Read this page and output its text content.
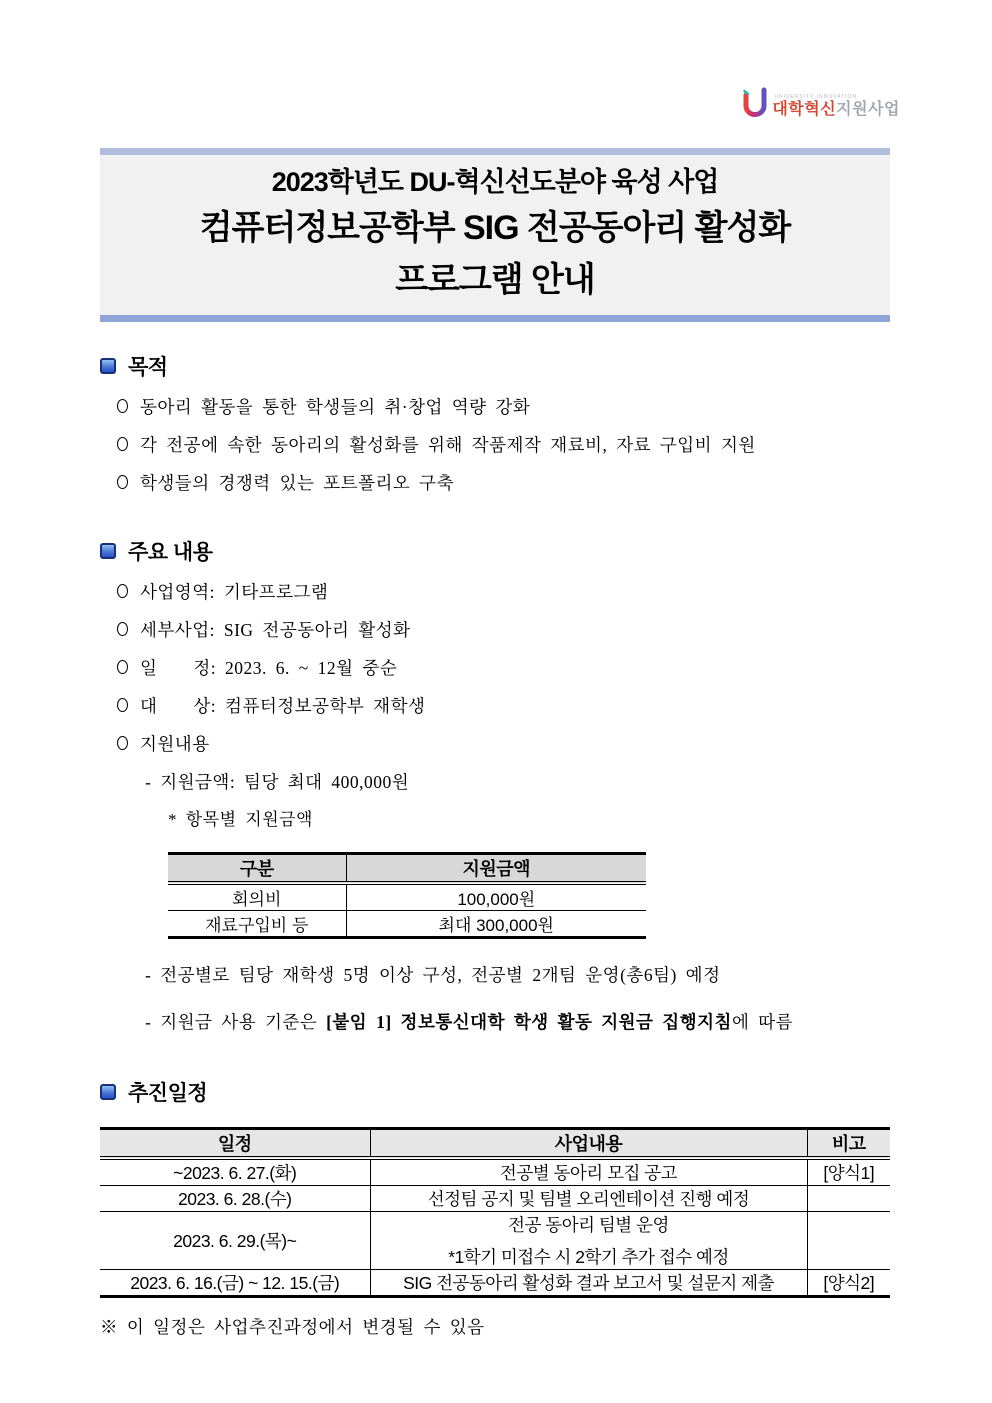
UNIVERSITY INNOVATION
대학혁신지원사업
2023학년도 DU-혁신선도분야 육성 사업
컴퓨터정보공학부 SIG 전공동아리 활성화
프로그램 안내
목적
동아리 활동을 통한 학생들의 취·창업 역량 강화
각 전공에 속한 동아리의 활성화를 위해 작품제작 재료비, 자료 구입비 지원
학생들의 경쟁력 있는 포트폴리오 구축
주요 내용
사업영역: 기타프로그램
세부사업: SIG 전공동아리 활성화
일　　정: 2023. 6. ~ 12월 중순
대　　상: 컴퓨터정보공학부 재학생
지원내용
- 지원금액: 팀당 최대 400,000원
* 항목별 지원금액
구분	지원금액
회의비	100,000원
재료구입비 등	최대 300,000원
- 전공별로 팀당 재학생 5명 이상 구성, 전공별 2개팀 운영(총6팀) 예정
- 지원금 사용 기준은 [붙임 1] 정보통신대학 학생 활동 지원금 집행지침에 따름
추진일정
일정	사업내용	비고
~2023. 6. 27.(화)	전공별 동아리 모집 공고	[양식1]
2023. 6. 28.(수)	선정팀 공지 및 팀별 오리엔테이션 진행 예정	
2023. 6. 29.(목)~	전공 동아리 팀별 운영
*1학기 미접수 시 2학기 추가 접수 예정	

2023. 6. 16.(금) ~ 12. 15.(금)	SIG 전공동아리 활성화 결과 보고서 및 설문지 제출	[양식2]
※ 이 일정은 사업추진과정에서 변경될 수 있음
